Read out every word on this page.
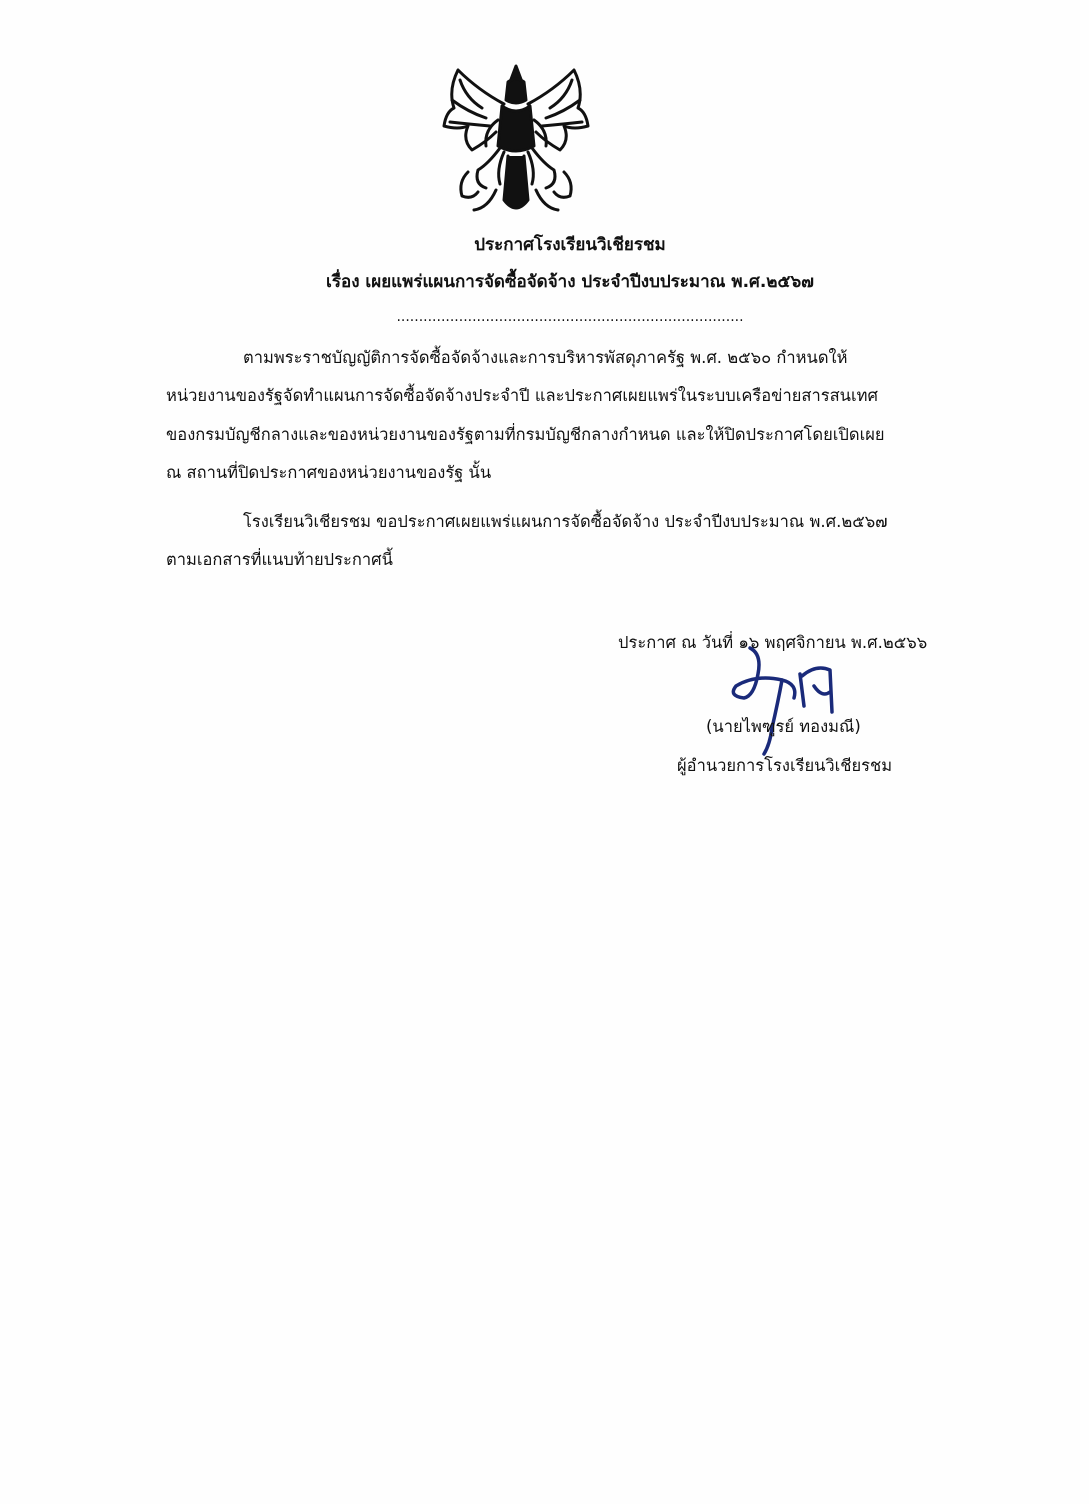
ประกาศโรงเรียนวิเชียรชม
เรื่อง เผยแพร่แผนการจัดซื้อจัดจ้าง ประจำปีงบประมาณ พ.ศ.๒๕๖๗
..............................................................................
ตามพระราชบัญญัติการจัดซื้อจัดจ้างและการบริหารพัสดุภาครัฐ พ.ศ. ๒๕๖๐ กำหนดให้
หน่วยงานของรัฐจัดทำแผนการจัดซื้อจัดจ้างประจำปี และประกาศเผยแพร่ในระบบเครือข่ายสารสนเทศ
ของกรมบัญชีกลางและของหน่วยงานของรัฐตามที่กรมบัญชีกลางกำหนด และให้ปิดประกาศโดยเปิดเผย
ณ สถานที่ปิดประกาศของหน่วยงานของรัฐ นั้น
โรงเรียนวิเชียรชม ขอประกาศเผยแพร่แผนการจัดซื้อจัดจ้าง ประจำปีงบประมาณ พ.ศ.๒๕๖๗
ตามเอกสารที่แนบท้ายประกาศนี้
ประกาศ ณ วันที่ ๑๖ พฤศจิกายน พ.ศ.๒๕๖๖
(นายไพฑูรย์ ทองมณี)
ผู้อำนวยการโรงเรียนวิเชียรชม
